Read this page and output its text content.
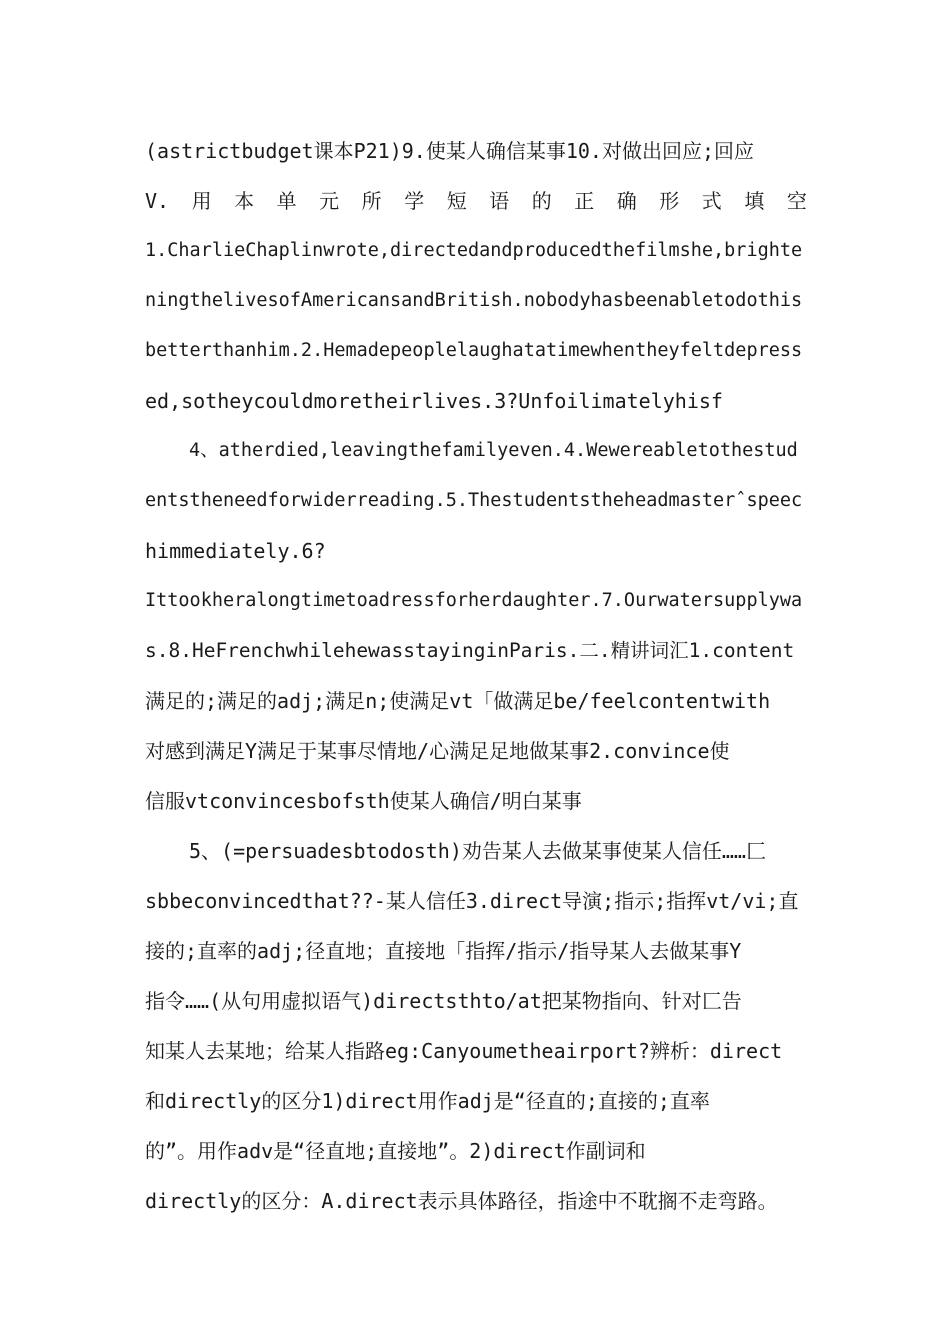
(astrictbudget课本P21)9.使某人确信某事10.对做出回应;回应
V. 用 本 单 元 所 学 短 语 的 正 确 形 式 填 空
1.CharlieChaplinwrote,directedandproducedthefilmshe,brighte
ningthelivesofAmericansandBritish.nobodyhasbeenabletodothis
betterthanhim.2.Hemadepeoplelaughatatimewhentheyfeltdepress
ed,sotheycouldmoretheirlives.3?Unfoilimatelyhisf
4、atherdied,leavingthefamilyeven.4.Wewereabletothestud
entstheneedforwiderreading.5.Thestudentstheheadmasterˆspeec
himmediately.6?
Ittookheralongtimetoadressforherdaughter.7.Ourwatersupplywa
s.8.HeFrenchwhilehewasstayinginParis.二.精讲词汇1.content
满足的;满足的adj;满足n;使满足vt「做满足be/feelcontentwith
对感到满足Y满足于某事尽情地/心满足足地做某事2.convince使
信服vtconvincesbofsth使某人确信/明白某事
5、(=persuadesbtodosth)劝告某人去做某事使某人信任……匚
sbbeconvincedthat??-某人信任3.direct导演;指示;指挥vt/vi;直
接的;直率的adj;径直地；直接地「指挥/指示/指导某人去做某事Y
指令……(从句用虚拟语气)directsthto/at把某物指向、针对匚告
知某人去某地；给某人指路eg:Canyoumetheairport?辨析：direct
和directly的区分1)direct用作adj是“径直的;直接的;直率
的”。用作adv是“径直地;直接地”。2)direct作副词和
directly的区分：A.direct表示具体路径，指途中不耽搁不走弯路。
